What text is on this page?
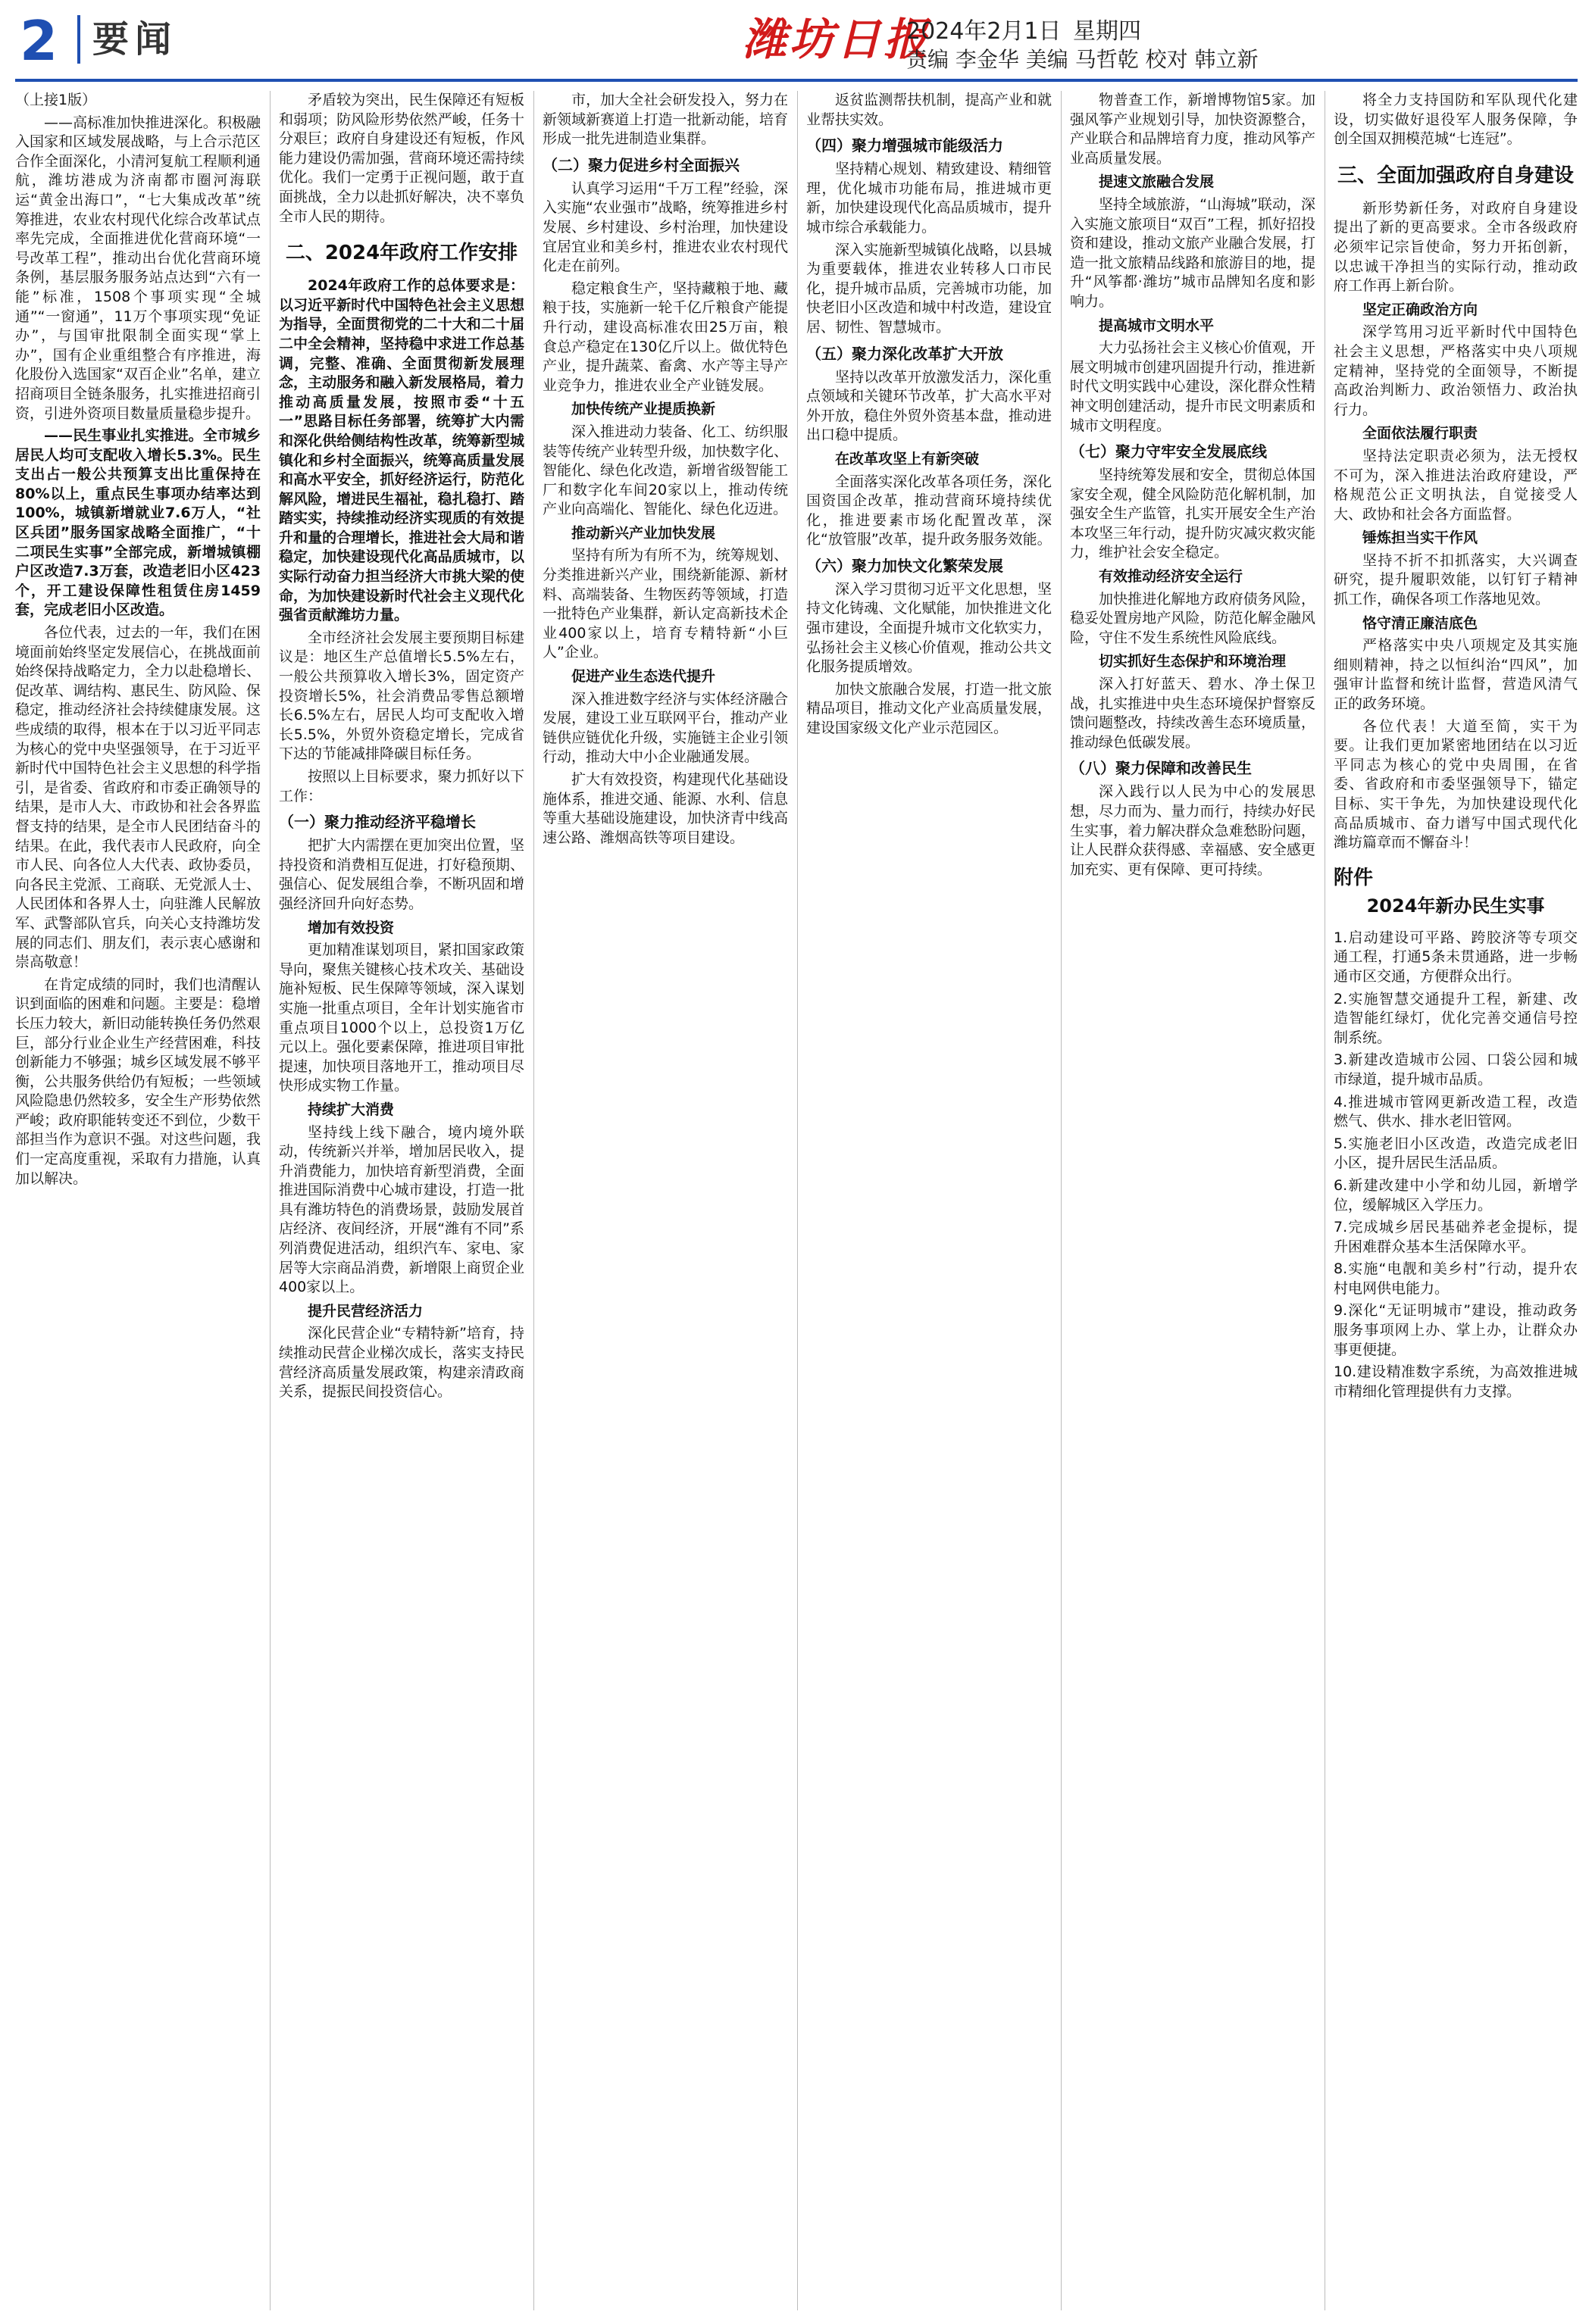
2 要闻	潍坊日报
2024年2月1日 星期四
责编 李金华 美编 马哲乾 校对 韩立新

（上接1版）

——高标准加快推进深化。积极融入国家和区域发展战略，与上合示范区合作全面深化，小清河复航工程顺利通航，潍坊港成为济南都市圈河海联运“黄金出海口”，“七大集成改革”统筹推进，农业农村现代化综合改革试点率先完成，全面推进优化营商环境“一号改革工程”，推动出台优化营商环境条例，基层服务服务站点达到“六有一能”标准，1508个事项实现“全城通”“一窗通”，11万个事项实现“免证办”，与国审批限制全面实现“掌上办”，国有企业重组整合有序推进，海化股份入选国家“双百企业”名单，建立招商项目全链条服务，扎实推进招商引资，引进外资项目数量质量稳步提升。

——民生事业扎实推进。全市城乡居民人均可支配收入增长5.3%。民生支出占一般公共预算支出比重保持在80%以上，重点民生事项办结率达到100%，城镇新增就业7.6万人，“社区兵团”服务国家战略全面推广，“十二项民生实事”全部完成，新增城镇棚户区改造7.3万套，改造老旧小区423个，开工建设保障性租赁住房1459套，完成老旧小区改造。

各位代表，过去的一年，我们在困境面前始终坚定发展信心，在挑战面前始终保持战略定力，全力以赴稳增长、促改革、调结构、惠民生、防风险、保稳定，推动经济社会持续健康发展。这些成绩的取得，根本在于以习近平同志为核心的党中央坚强领导，在于习近平新时代中国特色社会主义思想的科学指引，是省委、省政府和市委正确领导的结果，是市人大、市政协和社会各界监督支持的结果，是全市人民团结奋斗的结果。在此，我代表市人民政府，向全市人民、向各位人大代表、政协委员，向各民主党派、工商联、无党派人士、人民团体和各界人士，向驻潍人民解放军、武警部队官兵，向关心支持潍坊发展的同志们、朋友们，表示衷心感谢和崇高敬意！

在肯定成绩的同时，我们也清醒认识到面临的困难和问题。主要是：稳增长压力较大，新旧动能转换任务仍然艰巨，部分行业企业生产经营困难，科技创新能力不够强；城乡区域发展不够平衡，公共服务供给仍有短板；一些领域风险隐患仍然较多，安全生产形势依然严峻；政府职能转变还不到位，少数干部担当作为意识不强。对这些问题，我们一定高度重视，采取有力措施，认真加以解决。

矛盾较为突出，民生保障还有短板和弱项；防风险形势依然严峻，任务十分艰巨；政府自身建设还有短板，作风能力建设仍需加强，营商环境还需持续优化。我们一定勇于正视问题，敢于直面挑战，全力以赴抓好解决，决不辜负全市人民的期待。

二、2024年政府工作安排

2024年政府工作的总体要求是：以习近平新时代中国特色社会主义思想为指导，全面贯彻党的二十大和二十届二中全会精神，坚持稳中求进工作总基调，完整、准确、全面贯彻新发展理念，主动服务和融入新发展格局，着力推动高质量发展，按照市委“十五一”思路目标任务部署，统筹扩大内需和深化供给侧结构性改革，统筹新型城镇化和乡村全面振兴，统筹高质量发展和高水平安全，抓好经济运行，防范化解风险，增进民生福祉，稳扎稳打、踏踏实实，持续推动经济实现质的有效提升和量的合理增长，推进社会大局和谐稳定，加快建设现代化高品质城市，以实际行动奋力担当经济大市挑大梁的使命，为加快建设新时代社会主义现代化强省贡献潍坊力量。

全市经济社会发展主要预期目标建议是：地区生产总值增长5.5%左右，一般公共预算收入增长3%，固定资产投资增长5%，社会消费品零售总额增长6.5%左右，居民人均可支配收入增长5.5%，外贸外资稳定增长，完成省下达的节能减排降碳目标任务。

按照以上目标要求，聚力抓好以下工作：

（一）聚力推动经济平稳增长

把扩大内需摆在更加突出位置，坚持投资和消费相互促进，打好稳预期、强信心、促发展组合拳，不断巩固和增强经济回升向好态势。

增加有效投资

更加精准谋划项目，紧扣国家政策导向，聚焦关键核心技术攻关、基础设施补短板、民生保障等领域，深入谋划实施一批重点项目，全年计划实施省市重点项目1000个以上，总投资1万亿元以上。强化要素保障，推进项目审批提速，加快项目落地开工，推动项目尽快形成实物工作量。

持续扩大消费

坚持线上线下融合，境内境外联动，传统新兴并举，增加居民收入，提升消费能力，加快培育新型消费，全面推进国际消费中心城市建设，打造一批具有潍坊特色的消费场景，鼓励发展首店经济、夜间经济，开展“潍有不同”系列消费促进活动，组织汽车、家电、家居等大宗商品消费，新增限上商贸企业400家以上。

提升民营经济活力

深化民营企业“专精特新”培育，持续推动民营企业梯次成长，落实支持民营经济高质量发展政策，构建亲清政商关系，提振民间投资信心。

市，加大全社会研发投入，努力在新领域新赛道上打造一批新动能，培育形成一批先进制造业集群。

（二）聚力促进乡村全面振兴

认真学习运用“千万工程”经验，深入实施“农业强市”战略，统筹推进乡村发展、乡村建设、乡村治理，加快建设宜居宜业和美乡村，推进农业农村现代化走在前列。

稳定粮食生产，坚持藏粮于地、藏粮于技，实施新一轮千亿斤粮食产能提升行动，建设高标准农田25万亩，粮食总产稳定在130亿斤以上。做优特色产业，提升蔬菜、畜禽、水产等主导产业竞争力，推进农业全产业链发展。

加快传统产业提质换新

深入推进动力装备、化工、纺织服装等传统产业转型升级，加快数字化、智能化、绿色化改造，新增省级智能工厂和数字化车间20家以上，推动传统产业向高端化、智能化、绿色化迈进。

推动新兴产业加快发展

坚持有所为有所不为，统筹规划、分类推进新兴产业，围绕新能源、新材料、高端装备、生物医药等领域，打造一批特色产业集群，新认定高新技术企业400家以上，培育专精特新“小巨人”企业。

促进产业生态迭代提升

深入推进数字经济与实体经济融合发展，建设工业互联网平台，推动产业链供应链优化升级，实施链主企业引领行动，推动大中小企业融通发展。

扩大有效投资，构建现代化基础设施体系，推进交通、能源、水利、信息等重大基础设施建设，加快济青中线高速公路、潍烟高铁等项目建设。

返贫监测帮扶机制，提高产业和就业帮扶实效。

（四）聚力增强城市能级活力

坚持精心规划、精致建设、精细管理，优化城市功能布局，推进城市更新，加快建设现代化高品质城市，提升城市综合承载能力。

深入实施新型城镇化战略，以县城为重要载体，推进农业转移人口市民化，提升城市品质，完善城市功能，加快老旧小区改造和城中村改造，建设宜居、韧性、智慧城市。

（五）聚力深化改革扩大开放

坚持以改革开放激发活力，深化重点领域和关键环节改革，扩大高水平对外开放，稳住外贸外资基本盘，推动进出口稳中提质。

在改革攻坚上有新突破

全面落实深化改革各项任务，深化国资国企改革，推动营商环境持续优化，推进要素市场化配置改革，深化“放管服”改革，提升政务服务效能。

（六）聚力加快文化繁荣发展

深入学习贯彻习近平文化思想，坚持文化铸魂、文化赋能，加快推进文化强市建设，全面提升城市文化软实力，弘扬社会主义核心价值观，推动公共文化服务提质增效。

加快文旅融合发展，打造一批文旅精品项目，推动文化产业高质量发展，建设国家级文化产业示范园区。

物普查工作，新增博物馆5家。加强风筝产业规划引导，加快资源整合，产业联合和品牌培育力度，推动风筝产业高质量发展。

提速文旅融合发展

坚持全域旅游，“山海城”联动，深入实施文旅项目“双百”工程，抓好招投资和建设，推动文旅产业融合发展，打造一批文旅精品线路和旅游目的地，提升“风筝都·潍坊”城市品牌知名度和影响力。

提高城市文明水平

大力弘扬社会主义核心价值观，开展文明城市创建巩固提升行动，推进新时代文明实践中心建设，深化群众性精神文明创建活动，提升市民文明素质和城市文明程度。

（七）聚力守牢安全发展底线

坚持统筹发展和安全，贯彻总体国家安全观，健全风险防范化解机制，加强安全生产监管，扎实开展安全生产治本攻坚三年行动，提升防灾减灾救灾能力，维护社会安全稳定。

有效推动经济安全运行

加快推进化解地方政府债务风险，稳妥处置房地产风险，防范化解金融风险，守住不发生系统性风险底线。

切实抓好生态保护和环境治理

深入打好蓝天、碧水、净土保卫战，扎实推进中央生态环境保护督察反馈问题整改，持续改善生态环境质量，推动绿色低碳发展。

（八）聚力保障和改善民生

深入践行以人民为中心的发展思想，尽力而为、量力而行，持续办好民生实事，着力解决群众急难愁盼问题，让人民群众获得感、幸福感、安全感更加充实、更有保障、更可持续。

将全力支持国防和军队现代化建设，切实做好退役军人服务保障，争创全国双拥模范城“七连冠”。

三、全面加强政府自身建设

新形势新任务，对政府自身建设提出了新的更高要求。全市各级政府必须牢记宗旨使命，努力开拓创新，以忠诚干净担当的实际行动，推动政府工作再上新台阶。

坚定正确政治方向

深学笃用习近平新时代中国特色社会主义思想，严格落实中央八项规定精神，坚持党的全面领导，不断提高政治判断力、政治领悟力、政治执行力。

全面依法履行职责

坚持法定职责必须为，法无授权不可为，深入推进法治政府建设，严格规范公正文明执法，自觉接受人大、政协和社会各方面监督。

锤炼担当实干作风

坚持不折不扣抓落实，大兴调查研究，提升履职效能，以钉钉子精神抓工作，确保各项工作落地见效。

恪守清正廉洁底色

严格落实中央八项规定及其实施细则精神，持之以恒纠治“四风”，加强审计监督和统计监督，营造风清气正的政务环境。

各位代表！大道至简，实干为要。让我们更加紧密地团结在以习近平同志为核心的党中央周围，在省委、省政府和市委坚强领导下，锚定目标、实干争先，为加快建设现代化高品质城市、奋力谱写中国式现代化潍坊篇章而不懈奋斗！

附件

2024年新办民生实事

1.启动建设可平路、跨胶济等专项交通工程，打通5条未贯通路，进一步畅通市区交通，方便群众出行。

2.实施智慧交通提升工程，新建、改造智能红绿灯，优化完善交通信号控制系统。

3.新建改造城市公园、口袋公园和城市绿道，提升城市品质。

4.推进城市管网更新改造工程，改造燃气、供水、排水老旧管网。

5.实施老旧小区改造，改造完成老旧小区，提升居民生活品质。

6.新建改建中小学和幼儿园，新增学位，缓解城区入学压力。

7.完成城乡居民基础养老金提标，提升困难群众基本生活保障水平。

8.实施“电靓和美乡村”行动，提升农村电网供电能力。

9.深化“无证明城市”建设，推动政务服务事项网上办、掌上办，让群众办事更便捷。

10.建设精准数字系统，为高效推进城市精细化管理提供有力支撑。
